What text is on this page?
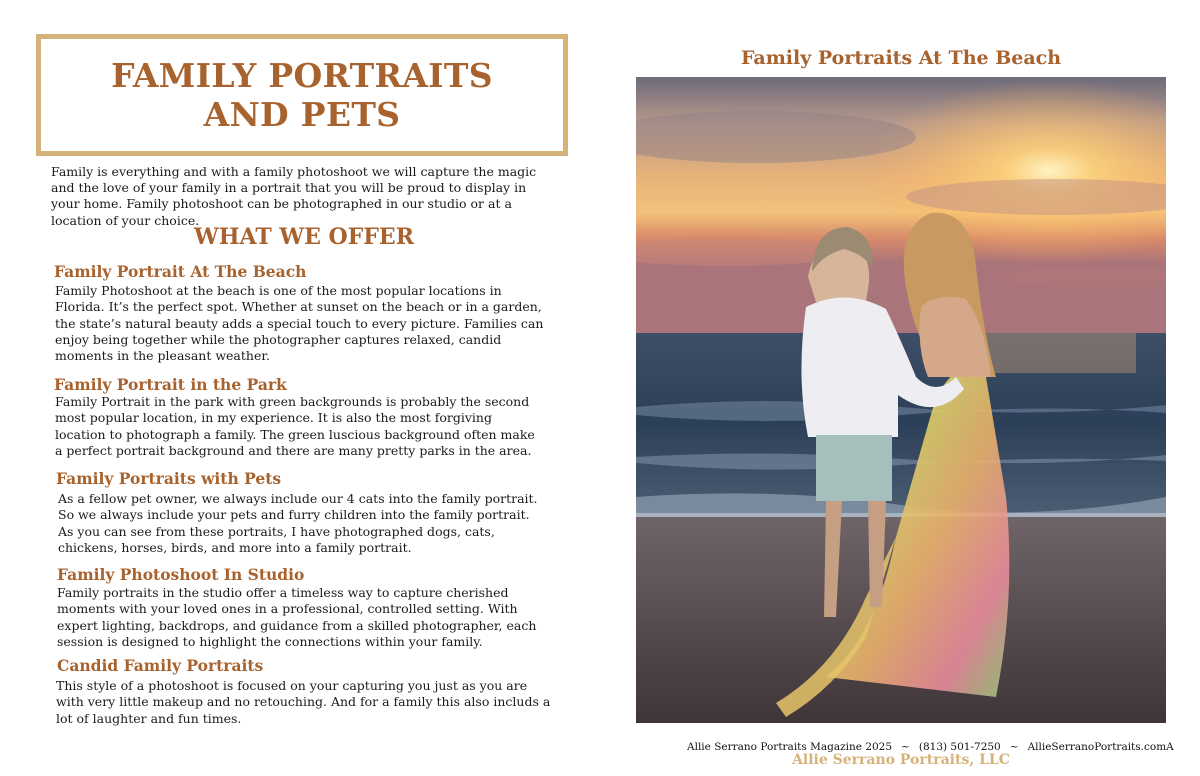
FAMILY PORTRAITS
AND PETS

Family is everything and with a family photoshoot we will capture the magic and the love of your family in a portrait that you will be proud to display in your home. Family photoshoot can be photographed in our studio or at a location of your choice.

WHAT WE OFFER
Family Portrait At The Beach

Family Photoshoot at the beach is one of the most popular locations in Florida. It’s the perfect spot. Whether at sunset on the beach or in a garden, the state’s natural beauty adds a special touch to every picture. Families can enjoy being together while the photographer captures relaxed, candid moments in the pleasant weather.

Family Portrait in the Park

Family Portrait in the park with green backgrounds is probably the second most popular location, in my experience. It is also the most forgiving location to photograph a family. The green luscious background often make a perfect portrait background and there are many pretty parks in the area.

Family Portraits with Pets

As a fellow pet owner, we always include our 4 cats into the family portrait. So we always include your pets and furry children into the family portrait. As you can see from these portraits, I have photographed dogs, cats, chickens, horses, birds, and more into a family portrait.

Family Photoshoot In Studio

Family portraits in the studio offer a timeless way to capture cherished moments with your loved ones in a professional, controlled setting. With expert lighting, backdrops, and guidance from a skilled photographer, each session is designed to highlight the connections within your family.

Candid Family Portraits

This style of a photoshoot is focused on your capturing you just as you are with very little makeup and no retouching. And for a family this also includs a lot of laughter and fun times.

Family Portraits At The Beach
Allie Serrano Portraits Magazine 2025 ~ (813) 501-7250 ~ AllieSerranoPortraits.com A
Allie Serrano Portraits, LLC
